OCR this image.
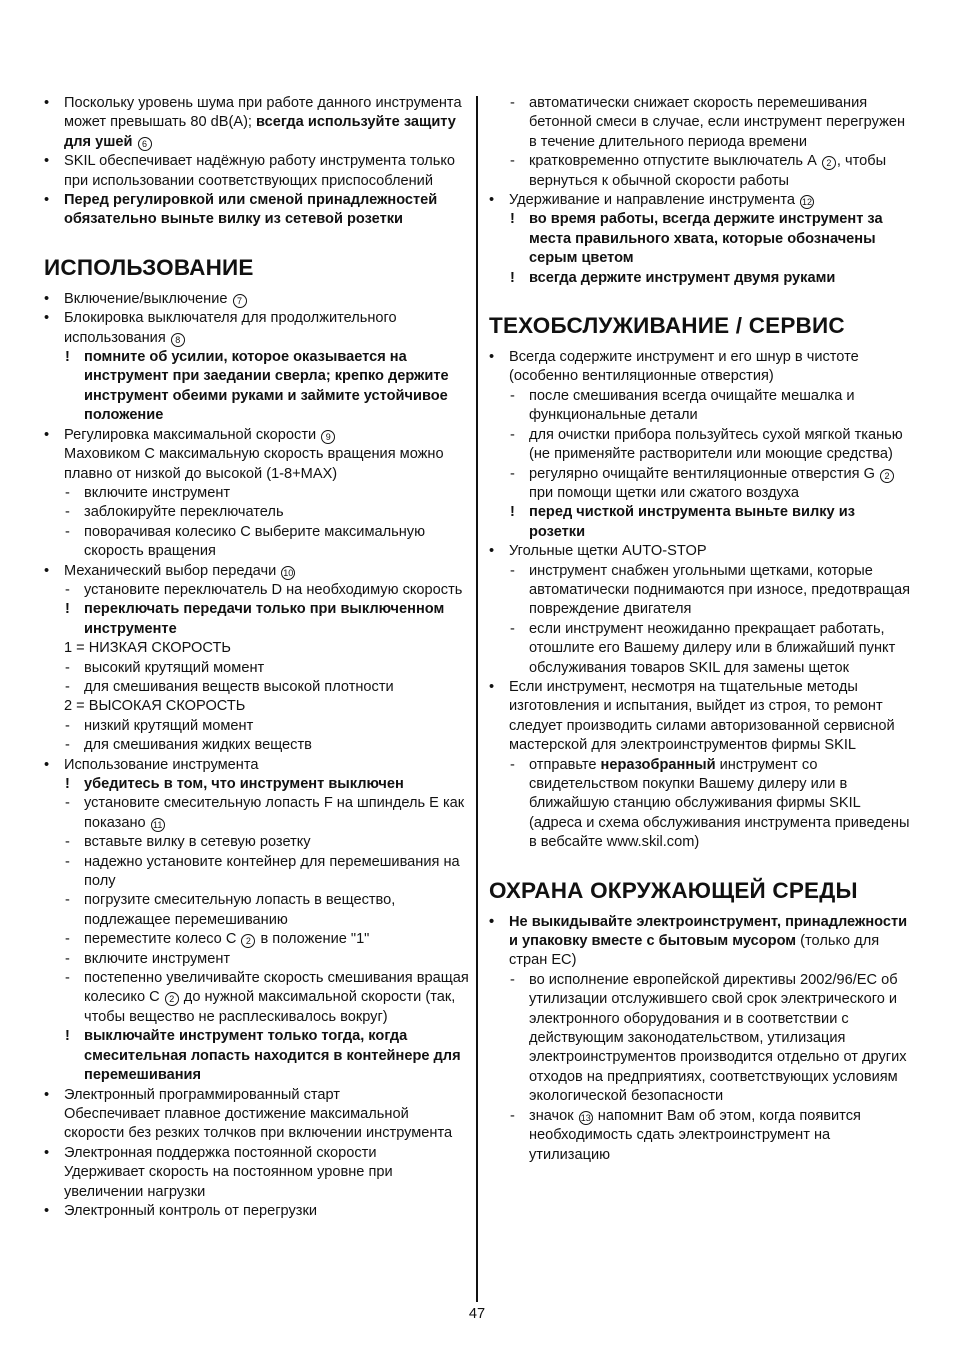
• Поскольку уровень шума при работе данного инструмента может превышать 80 dB(A); всегда используйте защиту для ушей 6
• SKIL обеспечивает надёжную работу инструмента только при использовании соответствующих приспособлений
• Перед регулировкой или сменой принадлежностей обязательно выньте вилку из сетевой розетки
ИСПОЛЬЗОВАНИЕ
• Включение/выключение 7
• Блокировка выключателя для продолжительного использования 8
! помните об усилии, которое оказывается на инструмент при заедании сверла; крепко держите инструмент обеими руками и займите устойчивое положение
• Регулировка максимальной скорости 9
Маховиком С максимальную скорость вращения можно плавно от низкой до высокой (1-8+MAX)
- включите инструмент
- заблокируйте переключатель
- поворачивая колесико С выберите максимальную скорость вращения
• Механический выбор передачи 10
- установите переключатель D на необходимую скорость
! переключать передачи только при выключенном инструменте
1 = НИЗКАЯ СКОРОСТЬ
- высокий крутящий момент
- для смешивания веществ высокой плотности
2 = ВЫСОКАЯ СКОРОСТЬ
- низкий крутящий момент
- для смешивания жидких веществ
• Использование инструмента
! убедитесь в том, что инструмент выключен
- установите смесительную лопасть F на шпиндель E как показано 11
- вставьте вилку в сетевую розетку
- надежно установите контейнер для перемешивания на полу
- погрузите смесительную лопасть в вещество, подлежащее перемешиванию
- переместите колесо С 2 в положение "1"
- включите инструмент
- постепенно увеличивайте скорость смешивания вращая колесико С 2 до нужной максимальной скорости (так, чтобы вещество не расплескивалось вокруг)
! выключайте инструмент только тогда, когда смесительная лопасть находится в контейнере для перемешивания
• Электронный программированный старт
Обеспечивает плавное достижение максимальной скорости без резких толчков при включении инструмента
• Электронная поддержка постоянной скорости
Удерживает скорость на постоянном уровне при увеличении нагрузки
• Электронный контроль от перегрузки
- автоматически снижает скорость перемешивания бетонной смеси в случае, если инструмент перегружен в течение длительного периода времени
- кратковременно отпустите выключатель А 2 , чтобы вернуться к обычной скорости работы
• Удерживание и направление инструмента 12
! во время работы, всегда держите инструмент за места правильного хвата, которые обозначены серым цветом
! всегда держите инструмент двумя руками
ТЕХОБСЛУЖИВАНИЕ / СЕРВИС
• Всегда содержите инструмент и его шнур в чистоте (особенно вентиляционные отверстия)
- после смешивания всегда очищайте мешалка и функциональные детали
- для очистки прибора пользуйтесь сухой мягкой тканью (не применяйте растворители или моющие средства)
- регулярно очищайте вентиляционные отверстия G 2 при помощи щетки или сжатого воздуха
! перед чисткой инструмента выньте вилку из розетки
• Угольные щетки AUTO-STOP
- инструмент снабжен угольными щетками, которые автоматически поднимаются при износе, предотвращая повреждение двигателя
- если инструмент неожиданно прекращает работать, отошлите его Вашему дилеру или в ближайший пункт обслуживания товаров SKIL для замены щеток
• Если инструмент, несмотря на тщательные методы изготовления и испытания, выйдет из строя, то ремонт следует производить силами авторизованной сервисной мастерской для электроинструментов фирмы SKIL
- отправьте неразобранный инструмент со свидетельством покупки Вашему дилеру или в ближайшую станцию обслуживания фирмы SKIL (адреса и схема обслуживания инструмента приведены в вебсайте www.skil.com)
ОХРАНА ОКРУЖАЮЩЕЙ СРЕДЫ
• Не выкидывайте электроинструмент, принадлежности и упаковку вместе с бытовым мусором (только для стран ЕС)
- во исполнение европейской директивы 2002/96/ЕС об утилизации отслужившего свой срок электрического и электронного оборудования и в соответствии с действующим законодательством, утилизация электроинструментов производится отдельно от других отходов на предприятиях, соответствующих условиям экологической безопасности
- значок 13 напомнит Вам об этом, когда появится необходимость сдать электроинструмент на утилизацию
47
